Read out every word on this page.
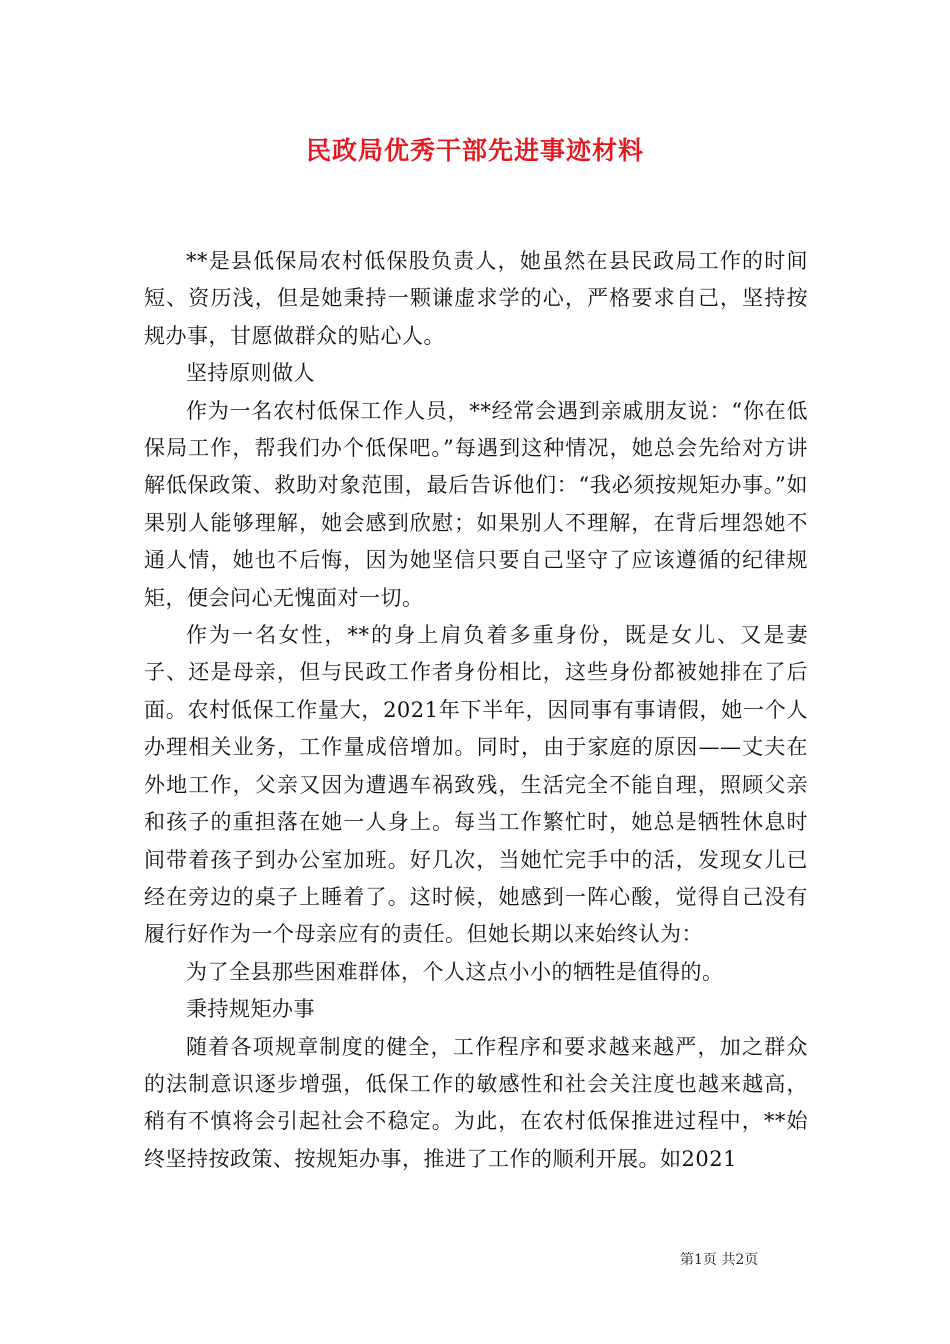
民政局优秀干部先进事迹材料

**是县低保局农村低保股负责人，她虽然在县民政局工作的时间短、资历浅，但是她秉持一颗谦虚求学的心，严格要求自己，坚持按规办事，甘愿做群众的贴心人。

坚持原则做人

作为一名农村低保工作人员，**经常会遇到亲戚朋友说：“你在低保局工作，帮我们办个低保吧。”每遇到这种情况，她总会先给对方讲解低保政策、救助对象范围，最后告诉他们：“我必须按规矩办事。”如果别人能够理解，她会感到欣慰；如果别人不理解，在背后埋怨她不通人情，她也不后悔，因为她坚信只要自己坚守了应该遵循的纪律规矩，便会问心无愧面对一切。

作为一名女性，**的身上肩负着多重身份，既是女儿、又是妻子、还是母亲，但与民政工作者身份相比，这些身份都被她排在了后面。农村低保工作量大，2021年下半年，因同事有事请假，她一个人办理相关业务，工作量成倍增加。同时，由于家庭的原因——丈夫在外地工作，父亲又因为遭遇车祸致残，生活完全不能自理，照顾父亲和孩子的重担落在她一人身上。每当工作繁忙时，她总是牺牲休息时间带着孩子到办公室加班。好几次，当她忙完手中的活，发现女儿已经在旁边的桌子上睡着了。这时候，她感到一阵心酸，觉得自己没有履行好作为一个母亲应有的责任。但她长期以来始终认为：

为了全县那些困难群体，个人这点小小的牺牲是值得的。

秉持规矩办事

随着各项规章制度的健全，工作程序和要求越来越严，加之群众的法制意识逐步增强，低保工作的敏感性和社会关注度也越来越高，稍有不慎将会引起社会不稳定。为此，在农村低保推进过程中，**始终坚持按政策、按规矩办事，推进了工作的顺利开展。如2021

第1页 共2页
